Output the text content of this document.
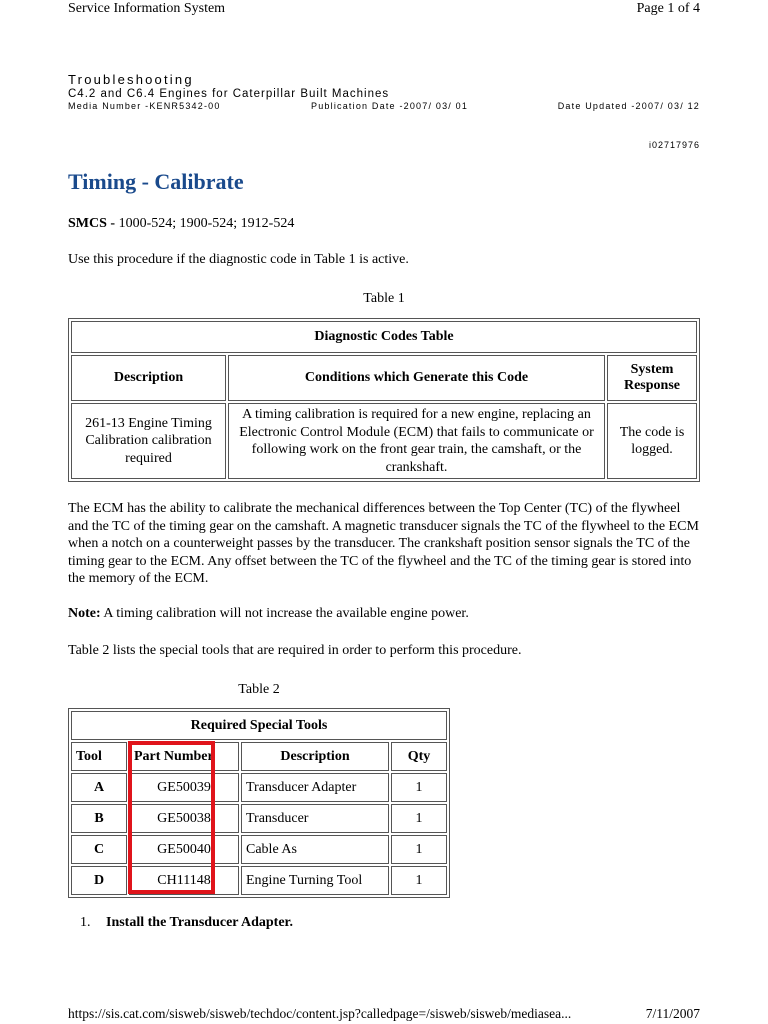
Service Information System	Page 1 of 4
Troubleshooting
C4.2 and C6.4 Engines for Caterpillar Built Machines
Media Number -KENR5342-00	Publication Date -2007/ 03/ 01	Date Updated -2007/ 03/ 12
i02717976
Timing - Calibrate

SMCS - 1000-524; 1900-524; 1912-524

Use this procedure if the diagnostic code in Table 1 is active.

Table 1
Diagnostic Codes Table		
Description	Conditions which Generate this Code	System Response
261-13 Engine Timing Calibration calibration required	A timing calibration is required for a new engine, replacing an Electronic Control Module (ECM) that fails to communicate or following work on the front gear train, the camshaft, or the crankshaft.	The code is logged.

The ECM has the ability to calibrate the mechanical differences between the Top Center (TC) of the flywheel and the TC of the timing gear on the camshaft. A magnetic transducer signals the TC of the flywheel to the ECM when a notch on a counterweight passes by the transducer. The crankshaft position sensor signals the TC of the timing gear to the ECM. Any offset between the TC of the flywheel and the TC of the timing gear is stored into the memory of the ECM.

Note: A timing calibration will not increase the available engine power.

Table 2 lists the special tools that are required in order to perform this procedure.

Table 2
Required Special Tools			
Tool	Part Number	Description	Qty
A	GE50039	Transducer Adapter	1
B	GE50038	Transducer	1
C	GE50040	Cable As	1
D	CH11148	Engine Turning Tool	1
1. Install the Transducer Adapter.
https://sis.cat.com/sisweb/sisweb/techdoc/content.jsp?calledpage=/sisweb/sisweb/mediasea...	7/11/2007
